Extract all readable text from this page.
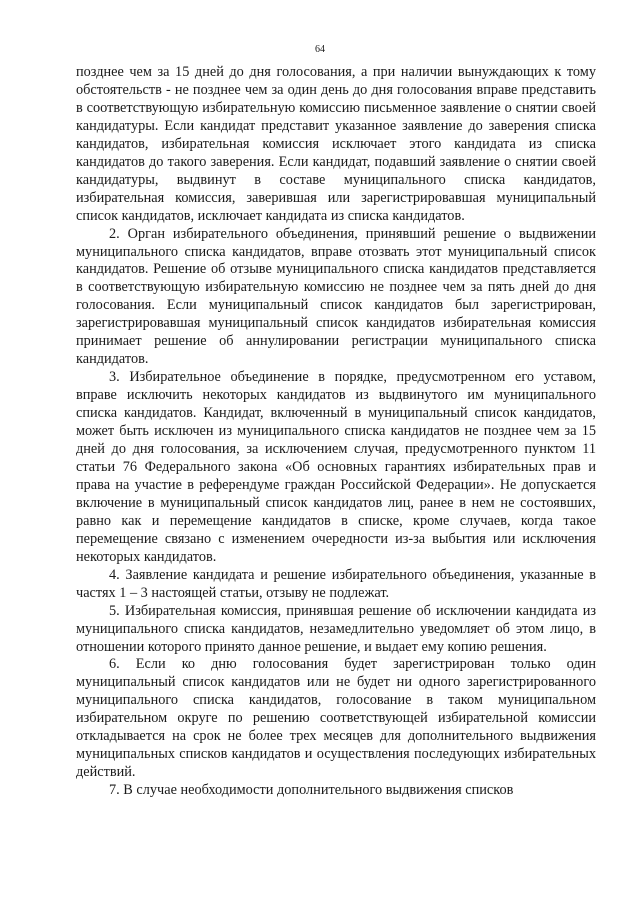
64

позднее чем за 15 дней до дня голосования, а при наличии вынуждающих к тому обстоятельств - не позднее чем за один день до дня голосования вправе представить в соответствующую избирательную комиссию письменное заявление о снятии своей кандидатуры. Если кандидат представит указанное заявление до заверения списка кандидатов, избирательная комиссия исключает этого кандидата из списка кандидатов до такого заверения. Если кандидат, подавший заявление о снятии своей кандидатуры, выдвинут в составе муниципального списка кандидатов, избирательная комиссия, заверившая или зарегистрировавшая муниципальный список кандидатов, исключает кандидата из списка кандидатов.

2. Орган избирательного объединения, принявший решение о выдвижении муниципального списка кандидатов, вправе отозвать этот муниципальный список кандидатов. Решение об отзыве муниципального списка кандидатов представляется в соответствующую избирательную комиссию не позднее чем за пять дней до дня голосования. Если муниципальный список кандидатов был зарегистрирован, зарегистрировавшая муниципальный список кандидатов избирательная комиссия принимает решение об аннулировании регистрации муниципального списка кандидатов.

3. Избирательное объединение в порядке, предусмотренном его уставом, вправе исключить некоторых кандидатов из выдвинутого им муниципального списка кандидатов. Кандидат, включенный в муниципальный список кандидатов, может быть исключен из муниципального списка кандидатов не позднее чем за 15 дней до дня голосования, за исключением случая, предусмотренного пунктом 11 статьи 76 Федерального закона «Об основных гарантиях избирательных прав и права на участие в референдуме граждан Российской Федерации». Не допускается включение в муниципальный список кандидатов лиц, ранее в нем не состоявших, равно как и перемещение кандидатов в списке, кроме случаев, когда такое перемещение связано с изменением очередности из-за выбытия или исключения некоторых кандидатов.

4. Заявление кандидата и решение избирательного объединения, указанные в частях 1 – 3 настоящей статьи, отзыву не подлежат.

5. Избирательная комиссия, принявшая решение об исключении кандидата из муниципального списка кандидатов, незамедлительно уведомляет об этом лицо, в отношении которого принято данное решение, и выдает ему копию решения.

6. Если ко дню голосования будет зарегистрирован только один муниципальный список кандидатов или не будет ни одного зарегистрированного муниципального списка кандидатов, голосование в таком муниципальном избирательном округе по решению соответствующей избирательной комиссии откладывается на срок не более трех месяцев для дополнительного выдвижения муниципальных списков кандидатов и осуществления последующих избирательных действий.

7. В случае необходимости дополнительного выдвижения списков
